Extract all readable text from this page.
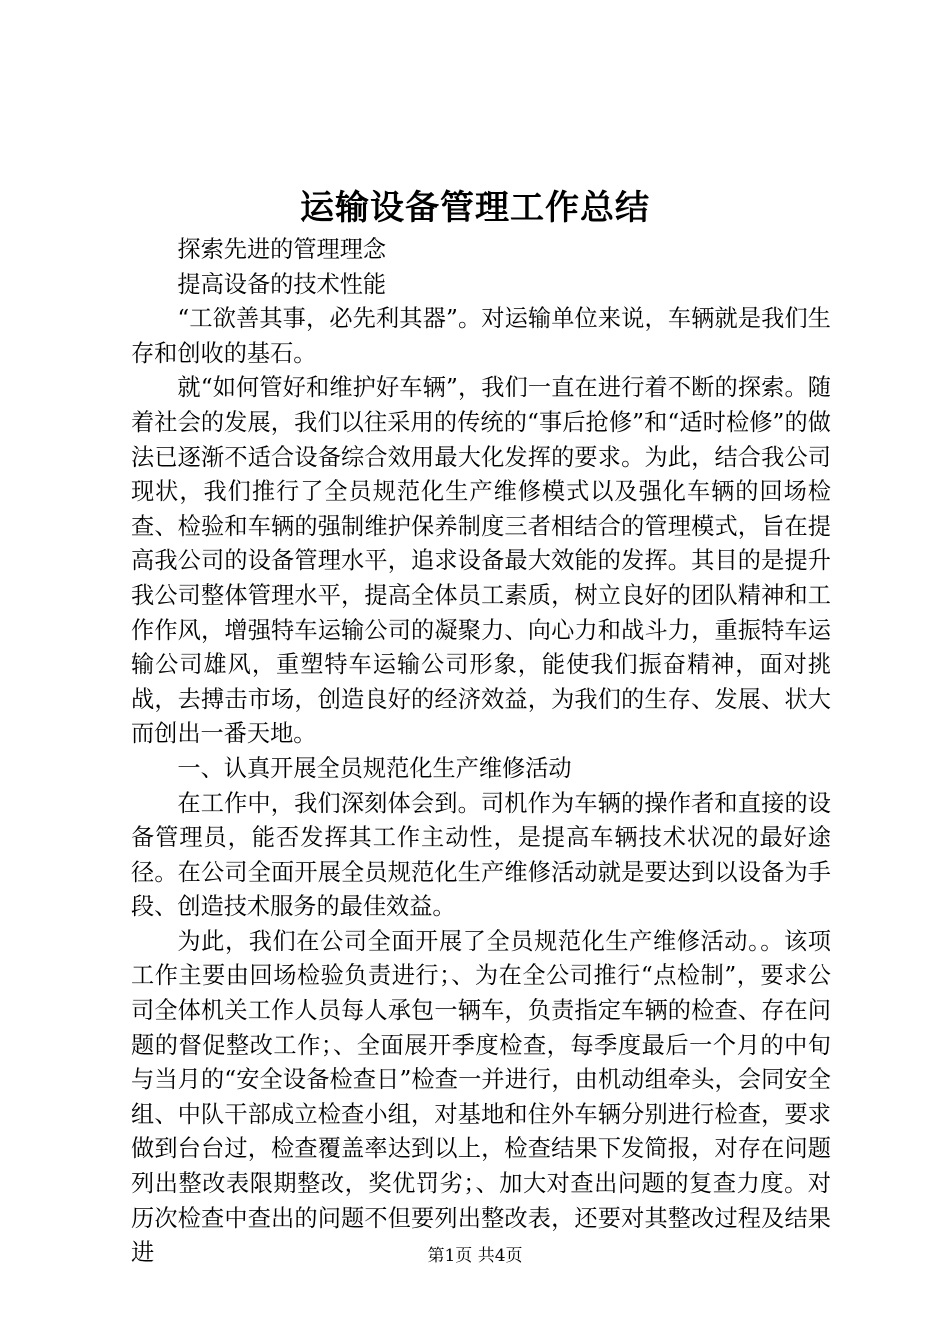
运输设备管理工作总结

探索先进的管理理念

提高设备的技术性能

“工欲善其事，必先利其器”。对运输单位来说，车辆就是我们生存和创收的基石。

就“如何管好和维护好车辆”，我们一直在进行着不断的探索。随着社会的发展，我们以往采用的传统的“事后抢修”和“适时检修”的做法已逐渐不适合设备综合效用最大化发挥的要求。为此，结合我公司现状，我们推行了全员规范化生产维修模式以及强化车辆的回场检查、检验和车辆的强制维护保养制度三者相结合的管理模式，旨在提高我公司的设备管理水平，追求设备最大效能的发挥。其目的是提升我公司整体管理水平，提高全体员工素质，树立良好的团队精神和工作作风，增强特车运输公司的凝聚力、向心力和战斗力，重振特车运输公司雄风，重塑特车运输公司形象，能使我们振奋精神，面对挑战，去搏击市场，创造良好的经济效益，为我们的生存、发展、状大而创出一番天地。

一、认真开展全员规范化生产维修活动

在工作中，我们深刻体会到。司机作为车辆的操作者和直接的设备管理员，能否发挥其工作主动性，是提高车辆技术状况的最好途径。在公司全面开展全员规范化生产维修活动就是要达到以设备为手段、创造技术服务的最佳效益。

为此，我们在公司全面开展了全员规范化生产维修活动。。该项工作主要由回场检验负责进行；、为在全公司推行“点检制”，要求公司全体机关工作人员每人承包一辆车，负责指定车辆的检查、存在问题的督促整改工作；、全面展开季度检查，每季度最后一个月的中旬与当月的“安全设备检查日”检查一并进行，由机动组牵头，会同安全组、中队干部成立检查小组，对基地和住外车辆分别进行检查，要求做到台台过，检查覆盖率达到以上，检查结果下发简报，对存在问题列出整改表限期整改，奖优罚劣；、加大对查出问题的复查力度。对历次检查中查出的问题不但要列出整改表，还要对其整改过程及结果进	第1页 共4页
